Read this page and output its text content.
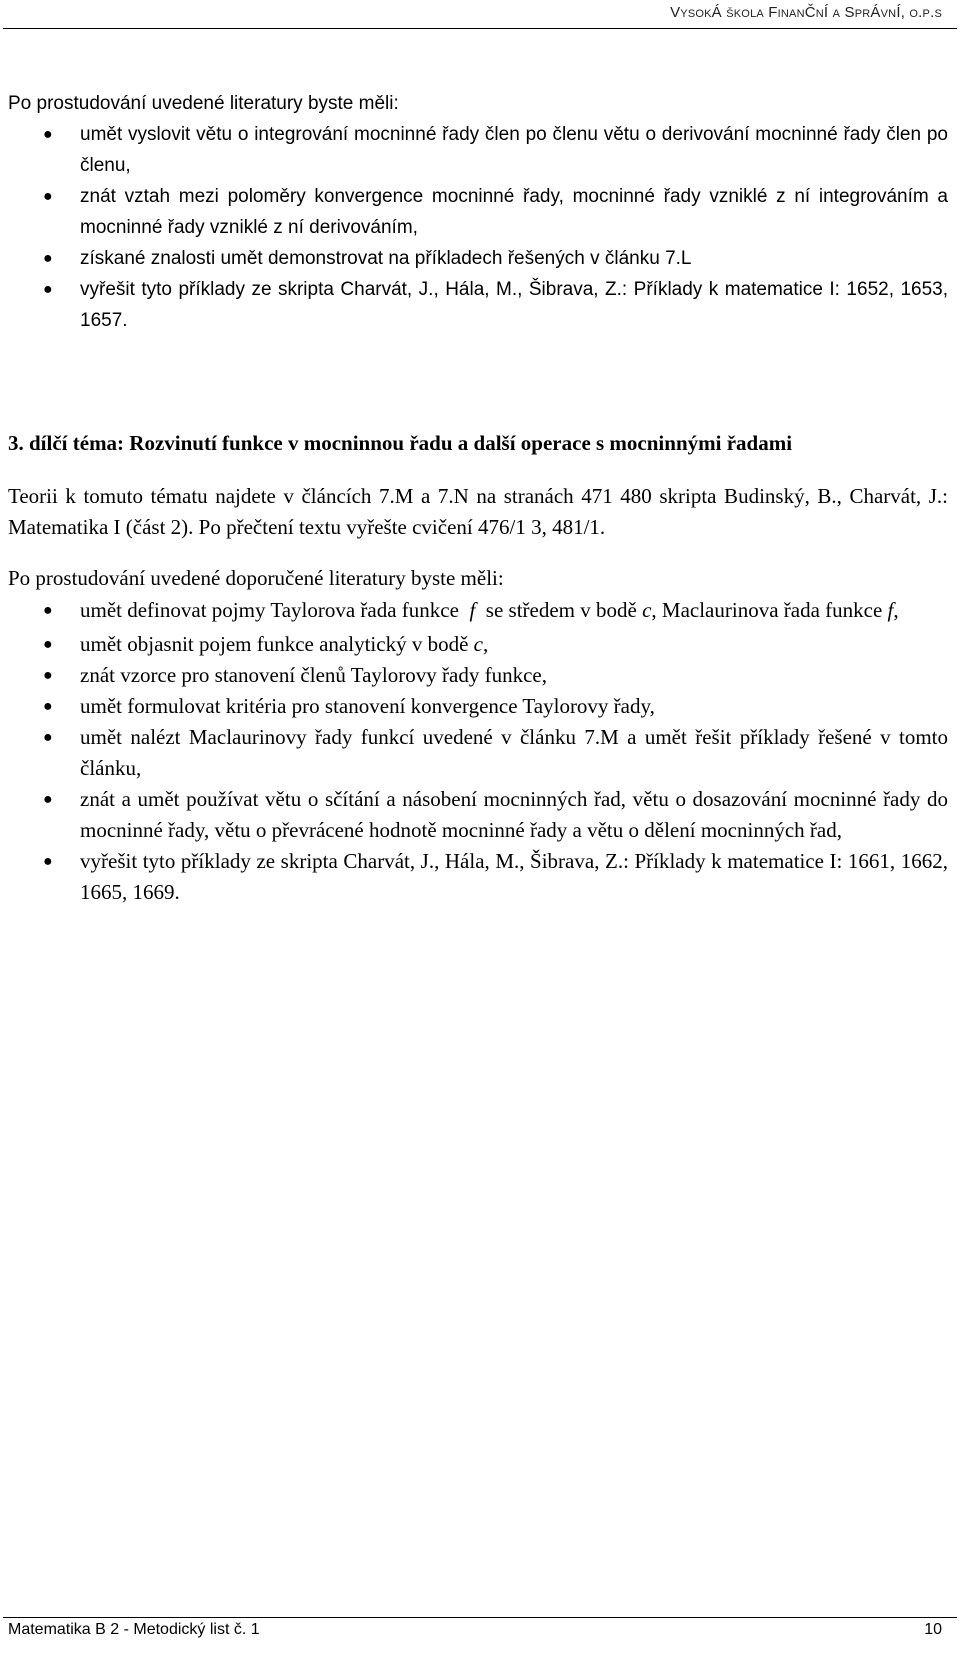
VysokÁ škola FinanČnÍ a SprÁvnÍ, o.p.s

Po prostudování uvedené literatury byste měli:

● umět vyslovit větu o integrování mocninné řady člen po členu větu o derivování mocninné řady člen po členu,
● znát vztah mezi poloměry konvergence mocninné řady, mocninné řady vzniklé z ní integrováním a mocninné řady vzniklé z ní derivováním,
● získané znalosti umět demonstrovat na příkladech řešených v článku 7.L
● vyřešit tyto příklady ze skripta Charvát, J., Hála, M., Šibrava, Z.: Příklady k matematice I: 1652, 1653, 1657.
3. dílčí téma: Rozvinutí funkce v mocninnou řadu a další operace s mocninnými řadami

Teorii k tomuto tématu najdete v článcích 7.M a 7.N na stranách 471 480 skripta Budinský, B., Charvát, J.: Matematika I (část 2). Po přečtení textu vyřešte cvičení 476/1 3, 481/1.

Po prostudování uvedené doporučené literatury byste měli:

● umět definovat pojmy Taylorova řada funkce f se středem v bodě c, Maclaurinova řada funkce f,
● umět objasnit pojem funkce analytický v bodě c,
● znát vzorce pro stanovení členů Taylorovy řady funkce,
● umět formulovat kritéria pro stanovení konvergence Taylorovy řady,
● umět nalézt Maclaurinovy řady funkcí uvedené v článku 7.M a umět řešit příklady řešené v tomto článku,
● znát a umět používat větu o sčítání a násobení mocninných řad, větu o dosazování mocninné řady do mocninné řady, větu o převrácené hodnotě mocninné řady a větu o dělení mocninných řad,
● vyřešit tyto příklady ze skripta Charvát, J., Hála, M., Šibrava, Z.: Příklady k matematice I: 1661, 1662, 1665, 1669.
Matematika B 2 - Metodický list č. 1	10
